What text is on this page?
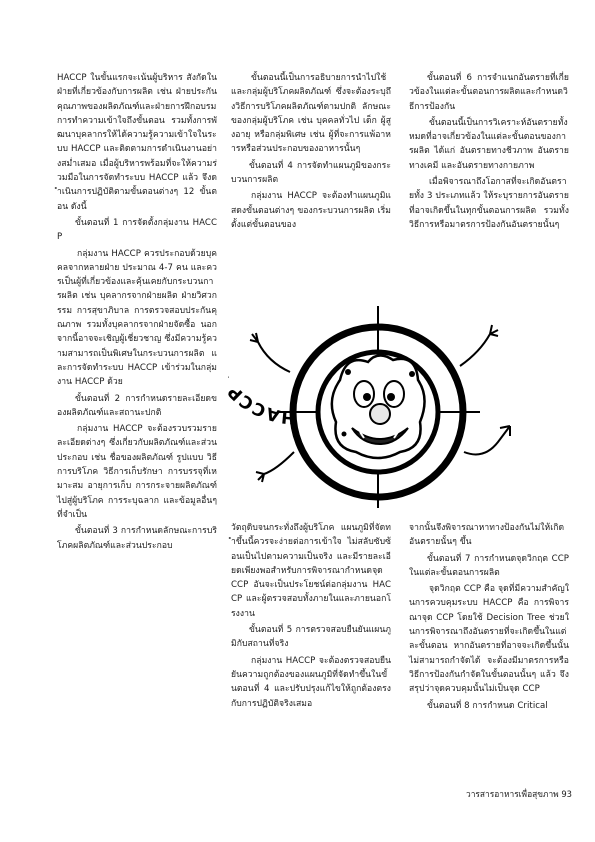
HACCP ในขั้นแรกจะเน้นผู้บริหาร สังกัดในฝ่ายที่เกี่ยวข้องกับการผลิต เช่น ฝ่ายประกันคุณภาพของผลิตภัณฑ์และฝ่ายการฝึกอบรมการทำความเข้าใจถึงขั้นตอน รวมทั้งการพัฒนาบุคลากรให้ได้ความรู้ความเข้าใจในระบบ HACCP และติดตามการดำเนินงานอย่างสม่ำเสมอ เมื่อผู้บริหารพร้อมที่จะให้ความร่วมมือในการจัดทำระบบ HACCP แล้ว จึงดำเนินการปฏิบัติตามขั้นตอนต่างๆ 12 ขั้นตอน ดังนี้

ขั้นตอนที่ 1 การจัดตั้งกลุ่มงาน HACCP

กลุ่มงาน HACCP ควรประกอบด้วยบุคคลจากหลายฝ่าย ประมาณ 4-7 คน และควรเป็นผู้ที่เกี่ยวข้องและคุ้นเคยกับกระบวนการผลิต เช่น บุคลากรจากฝ่ายผลิต ฝ่ายวิศวกรรม การสุขาภิบาล การตรวจสอบประกันคุณภาพ รวมทั้งบุคลากรจากฝ่ายจัดซื้อ นอกจากนี้อาจจะเชิญผู้เชี่ยวชาญ ซึ่งมีความรู้ความสามารถเป็นพิเศษในกระบวนการผลิต และการจัดทำระบบ HACCP เข้าร่วมในกลุ่มงาน HACCP ด้วย

ขั้นตอนที่ 2 การกำหนดรายละเอียดของผลิตภัณฑ์และสถานะปกติ

กลุ่มงาน HACCP จะต้องรวบรวมรายละเอียดต่างๆ ซึ่งเกี่ยวกับผลิตภัณฑ์และส่วนประกอบ เช่น ชื่อของผลิตภัณฑ์ รูปแบบ วิธีการบริโภค วิธีการเก็บรักษา การบรรจุที่เหมาะสม อายุการเก็บ การกระจายผลิตภัณฑ์ไปสู่ผู้บริโภค การระบุฉลาก และข้อมูลอื่นๆ ที่จำเป็น

ขั้นตอนที่ 3 การกำหนดลักษณะการบริโภคผลิตภัณฑ์และส่วนประกอบ

ขั้นตอนนี้เป็นการอธิบายการนำไปใช้และกลุ่มผู้บริโภคผลิตภัณฑ์ ซึ่งจะต้องระบุถึงวิธีการบริโภคผลิตภัณฑ์ตามปกติ ลักษณะของกลุ่มผู้บริโภค เช่น บุคคลทั่วไป เด็ก ผู้สูงอายุ หรือกลุ่มพิเศษ เช่น ผู้ที่จะการแพ้อาหารหรือส่วนประกอบของอาหารนั้นๆ

ขั้นตอนที่ 4 การจัดทำแผนภูมิของกระบวนการผลิต

กลุ่มงาน HACCP จะต้องทำแผนภูมิแสดงขั้นตอนต่างๆ ของกระบวนการผลิต เริ่มตั้งแต่ขั้นตอนของ

ขั้นตอนที่ 6 การจำแนกอันตรายที่เกี่ยวข้องในแต่ละขั้นตอนการผลิตและกำหนดวิธีการป้องกัน

ขั้นตอนนี้เป็นการวิเคราะห์อันตรายทั้งหมดที่อาจเกี่ยวข้องในแต่ละขั้นตอนของการผลิต ได้แก่ อันตรายทางชีวภาพ อันตรายทางเคมี และอันตรายทางกายภาพ

เมื่อพิจารณาถึงโอกาสที่จะเกิดอันตรายทั้ง 3 ประเภทแล้ว ให้ระบุรายการอันตรายที่อาจเกิดขึ้นในทุกขั้นตอนการผลิต รวมทั้งวิธีการหรือมาตรการป้องกันอันตรายนั้นๆ

HACC

วัตถุดิบจนกระทั่งถึงผู้บริโภค แผนภูมิที่จัดทำขึ้นนี้ควรจะง่ายต่อการเข้าใจ ไม่สลับซับซ้อนเป็นไปตามความเป็นจริง และมีรายละเอียดเพียงพอสำหรับการพิจารณากำหนดจุด CCP อันจะเป็นประโยชน์ต่อกลุ่มงาน HACCP และผู้ตรวจสอบทั้งภายในและภายนอกโรงงาน

ขั้นตอนที่ 5 การตรวจสอบยืนยันแผนภูมิกับสถานที่จริง

กลุ่มงาน HACCP จะต้องตรวจสอบยืนยันความถูกต้องของแผนภูมิที่จัดทำขึ้นในขั้นตอนที่ 4 และปรับปรุงแก้ไขให้ถูกต้องตรงกับการปฏิบัติจริงเสมอ

จากนั้นจึงพิจารณาหาทางป้องกันไม่ให้เกิดอันตรายนั้นๆ ขึ้น

ขั้นตอนที่ 7 การกำหนดจุดวิกฤต CCP ในแต่ละขั้นตอนการผลิต

จุดวิกฤต CCP คือ จุดที่มีความสำคัญในการควบคุมระบบ HACCP คือ การพิจารณาจุด CCP โดยใช้ Decision Tree ช่วยในการพิจารณาถึงอันตรายที่จะเกิดขึ้นในแต่ละขั้นตอน หากอันตรายที่อาจจะเกิดขึ้นนั้นไม่สามารถกำจัดได้ จะต้องมีมาตรการหรือวิธีการป้องกันกำจัดในขั้นตอนนั้นๆ แล้ว จึงสรุปว่าจุดควบคุมนั้นไม่เป็นจุด CCP

ขั้นตอนที่ 8 การกำหนด Critical

วารสารอาหารเพื่อสุขภาพ 93
